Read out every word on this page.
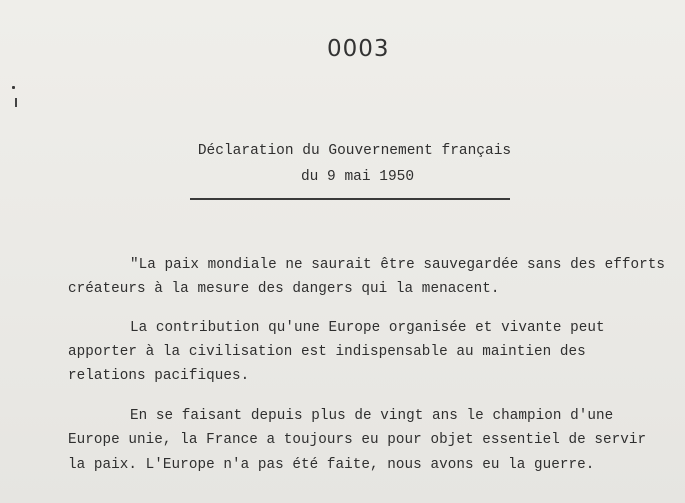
0003
Déclaration du Gouvernement français
du 9 mai 1950
"La paix mondiale ne saurait être sauvegardée sans des efforts
créateurs à la mesure des dangers qui la menacent.
La contribution qu'une Europe organisée et vivante peut
apporter à la civilisation est indispensable au maintien des
relations pacifiques.
En se faisant depuis plus de vingt ans le champion d'une
Europe unie, la France a toujours eu pour objet essentiel de servir
la paix. L'Europe n'a pas été faite, nous avons eu la guerre.
